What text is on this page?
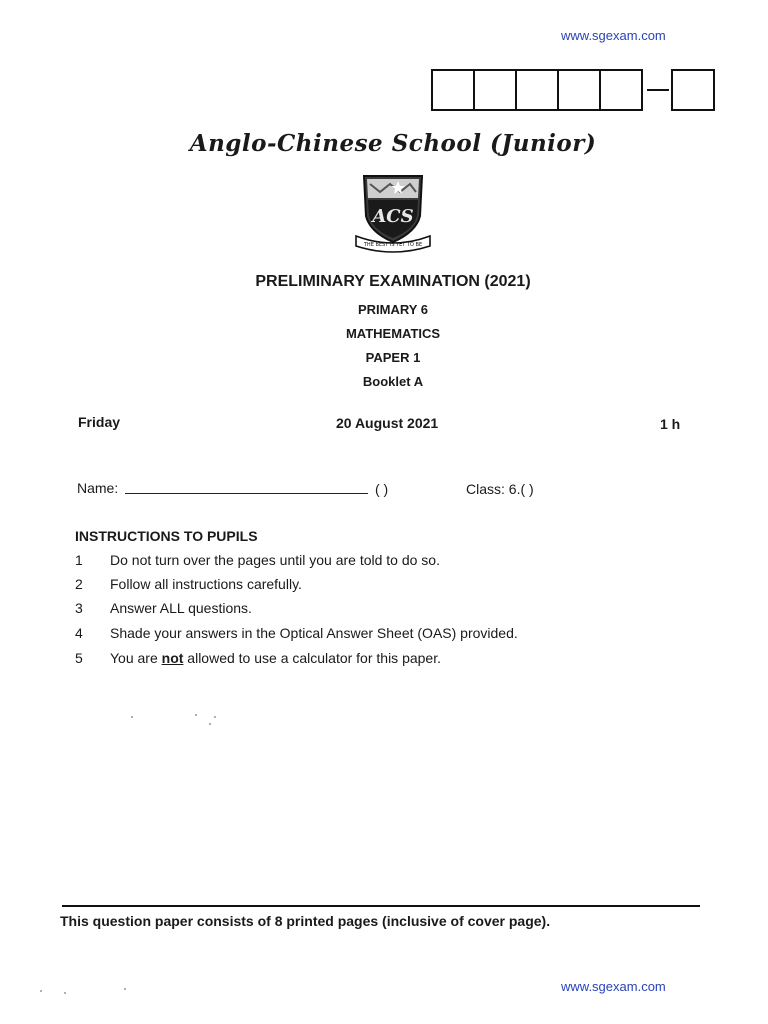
www.sgexam.com
Anglo-Chinese School (Junior)
ACS
THE BEST IS YET TO BE
PRELIMINARY EXAMINATION (2021)
PRIMARY 6
MATHEMATICS
PAPER 1
Booklet A
Friday	20 August 2021	1 h
Name:	( )	Class: 6.( )
INSTRUCTIONS TO PUPILS
1 Do not turn over the pages until you are told to do so.
2 Follow all instructions carefully.
3 Answer ALL questions.
4 Shade your answers in the Optical Answer Sheet (OAS) provided.
5 You are not allowed to use a calculator for this paper.
This question paper consists of 8 printed pages (inclusive of cover page).
www.sgexam.com
